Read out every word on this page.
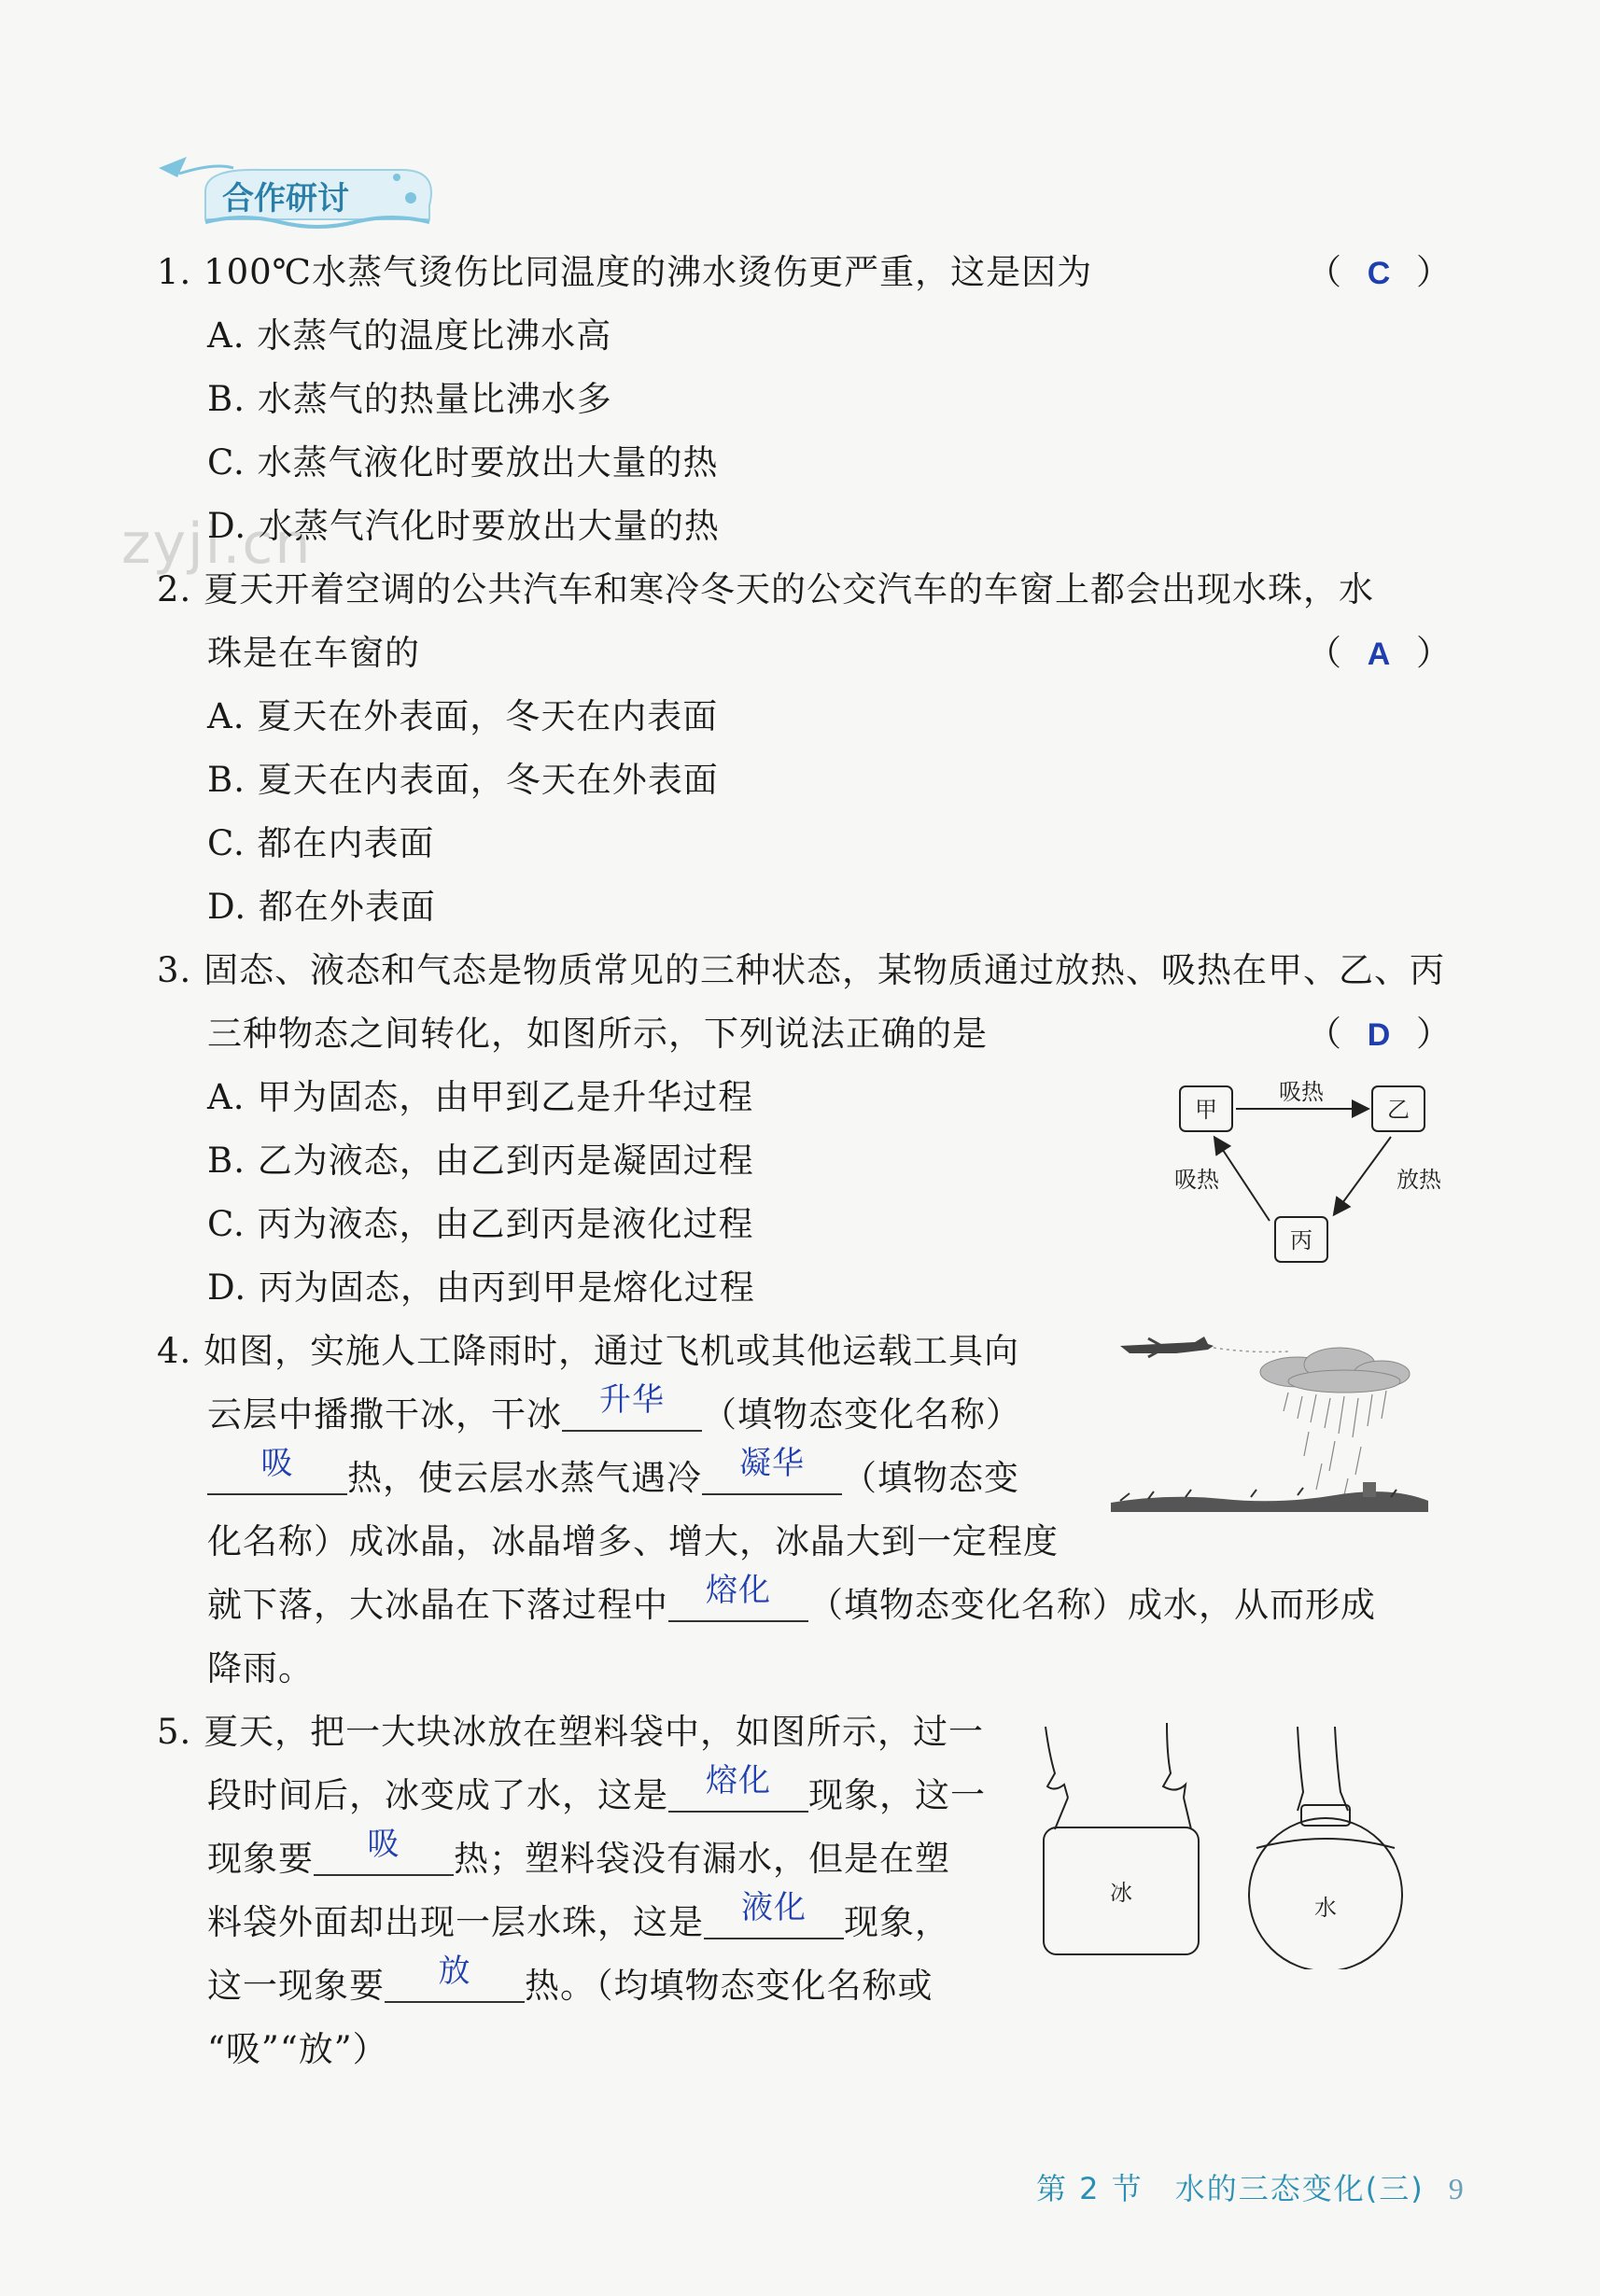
合作研讨
zyjl.cn
1. 100℃水蒸气烫伤比同温度的沸水烫伤更严重，这是因为	（ C ）
A. 水蒸气的温度比沸水高
B. 水蒸气的热量比沸水多
C. 水蒸气液化时要放出大量的热
D. 水蒸气汽化时要放出大量的热
2. 夏天开着空调的公共汽车和寒冷冬天的公交汽车的车窗上都会出现水珠，水
珠是在车窗的	（ A ）
A. 夏天在外表面，冬天在内表面
B. 夏天在内表面，冬天在外表面
C. 都在内表面
D. 都在外表面
3. 固态、液态和气态是物质常见的三种状态，某物质通过放热、吸热在甲、乙、丙
三种物态之间转化，如图所示，下列说法正确的是	（ D ）
A. 甲为固态，由甲到乙是升华过程
B. 乙为液态，由乙到丙是凝固过程
C. 丙为液态，由乙到丙是液化过程
D. 丙为固态，由丙到甲是熔化过程
甲	乙
丙
吸热
放热
吸热
4. 如图，实施人工降雨时，通过飞机或其他运载工具向
云层中播撒干冰，干冰	升华	（填物态变化名称）
吸	热，使云层水蒸气遇冷	凝华	（填物态变
化名称）成冰晶，冰晶增多、增大，冰晶大到一定程度
就下落，大冰晶在下落过程中	熔化	（填物态变化名称）成水，从而形成
降雨。
5. 夏天，把一大块冰放在塑料袋中，如图所示，过一
段时间后，冰变成了水，这是	熔化	现象，这一
现象要	吸	热；塑料袋没有漏水，但是在塑
料袋外面却出现一层水珠，这是	液化	现象，
这一现象要	放	热。（均填物态变化名称或
“吸”“放”）
冰
水
第 2 节　水的三态变化(三) 9
